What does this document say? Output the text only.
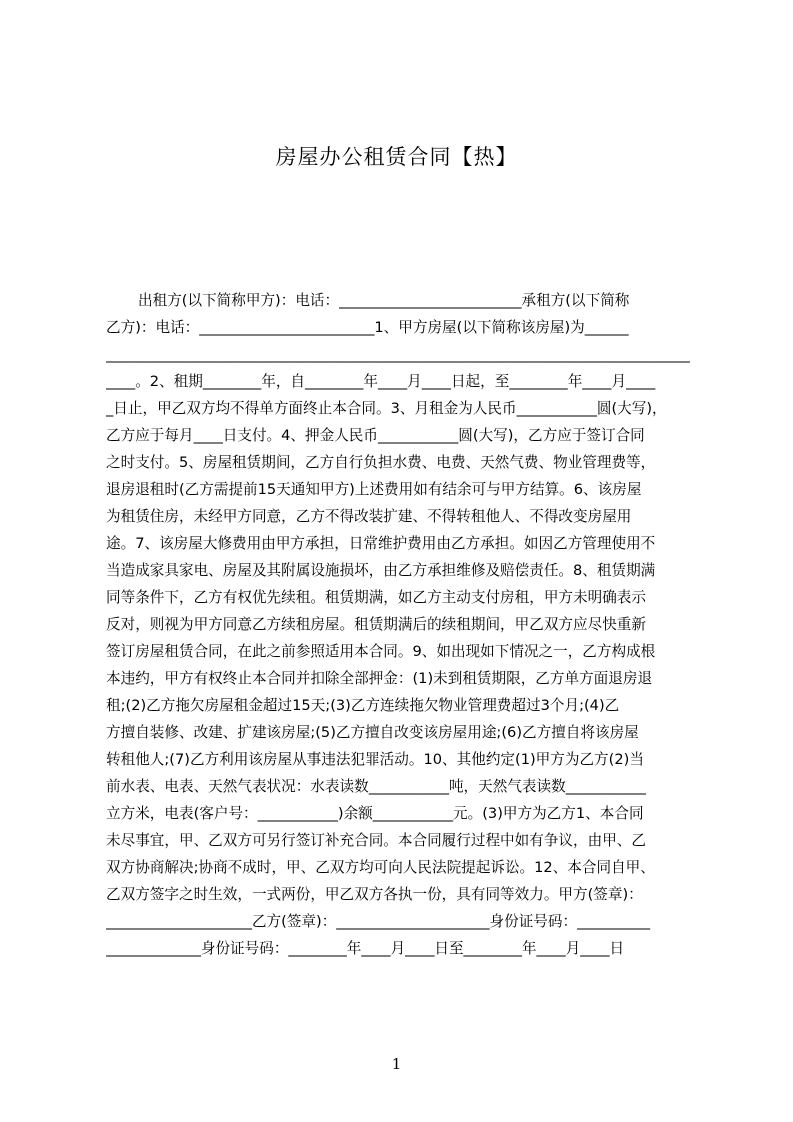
房屋办公租赁合同【热】
出租方(以下简称甲方)：电话：_________________________承租方(以下简称
乙方)：电话：________________________1、甲方房屋(以下简称该房屋)为______
________________________________________________________________________________
____。2、租期________年，自________年____月____日起，至________年____月____
_日止，甲乙双方均不得单方面终止本合同。3、月租金为人民币___________圆(大写)，
乙方应于每月____日支付。4、押金人民币___________圆(大写)，乙方应于签订合同
之时支付。5、房屋租赁期间，乙方自行负担水费、电费、天然气费、物业管理费等，
退房退租时(乙方需提前15天通知甲方)上述费用如有结余可与甲方结算。6、该房屋
为租赁住房，未经甲方同意，乙方不得改装扩建、不得转租他人、不得改变房屋用
途。7、该房屋大修费用由甲方承担，日常维护费用由乙方承担。如因乙方管理使用不
当造成家具家电、房屋及其附属设施损坏，由乙方承担维修及赔偿责任。8、租赁期满
同等条件下，乙方有权优先续租。租赁期满，如乙方主动支付房租，甲方未明确表示
反对，则视为甲方同意乙方续租房屋。租赁期满后的续租期间，甲乙双方应尽快重新
签订房屋租赁合同，在此之前参照适用本合同。9、如出现如下情况之一，乙方构成根
本违约，甲方有权终止本合同并扣除全部押金：(1)未到租赁期限，乙方单方面退房退
租;(2)乙方拖欠房屋租金超过15天;(3)乙方连续拖欠物业管理费超过3个月;(4)乙
方擅自装修、改建、扩建该房屋;(5)乙方擅自改变该房屋用途;(6)乙方擅自将该房屋
转租他人;(7)乙方利用该房屋从事违法犯罪活动。10、其他约定(1)甲方为乙方(2)当
前水表、电表、天然气表状况：水表读数___________吨，天然气表读数___________
立方米，电表(客户号：___________)余额___________元。(3)甲方为乙方1、本合同
未尽事宜，甲、乙双方可另行签订补充合同。本合同履行过程中如有争议，由甲、乙
双方协商解决;协商不成时，甲、乙双方均可向人民法院提起诉讼。12、本合同自甲、
乙双方签字之时生效，一式两份，甲乙双方各执一份，具有同等效力。甲方(签章)：
____________________乙方(签章)：_____________________身份证号码：__________
_____________身份证号码：________年____月____日至________年____月____日
1
